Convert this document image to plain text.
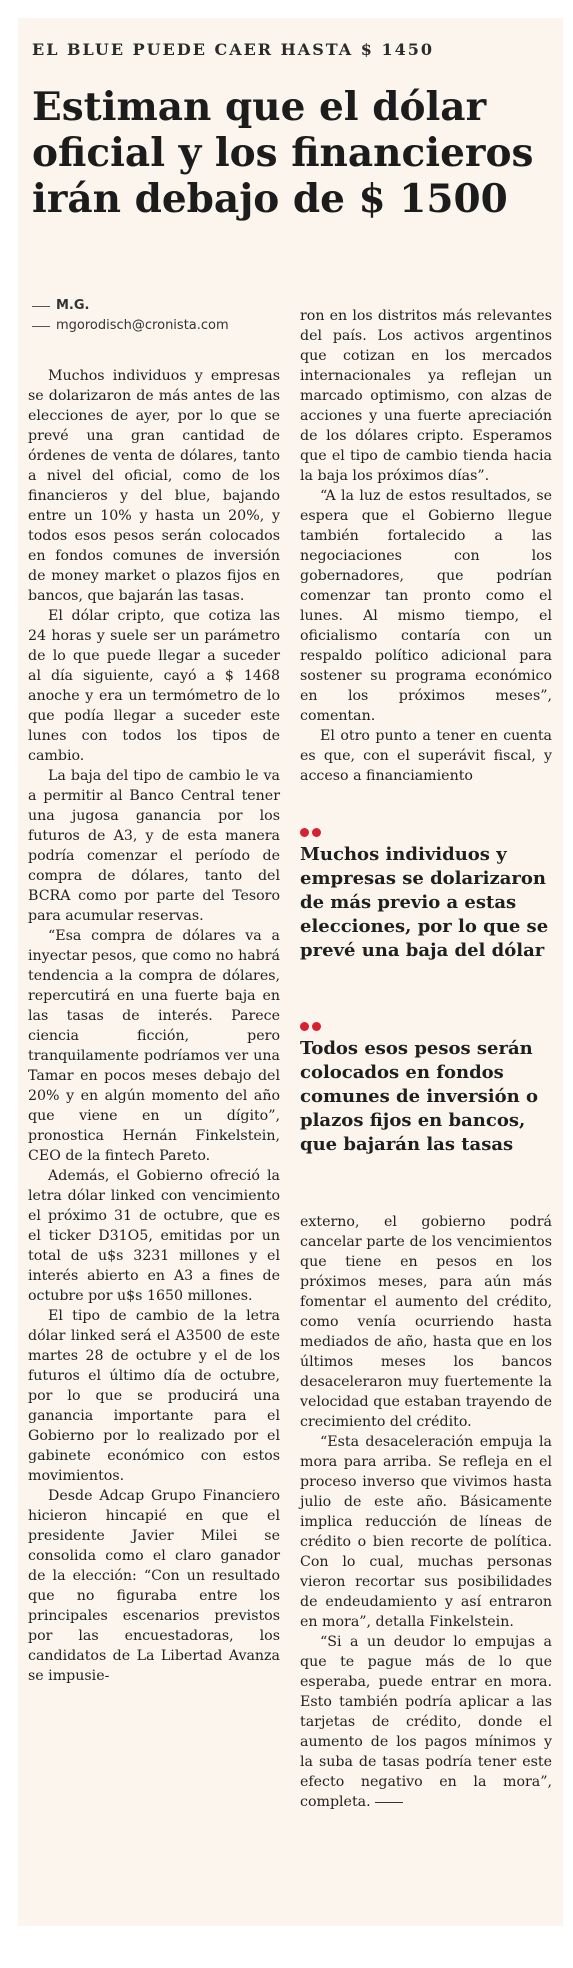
EL BLUE PUEDE CAER HASTA $ 1450
Estiman que el dólar oficial y los financieros irán debajo de $ 1500
M.G.
mgorodisch@cronista.com

Muchos individuos y empresas se dolarizaron de más antes de las elecciones de ayer, por lo que se prevé una gran cantidad de órdenes de venta de dólares, tanto a nivel del oficial, como de los financieros y del blue, bajando entre un 10% y hasta un 20%, y todos esos pesos serán colocados en fondos comunes de inversión de money market o plazos fijos en bancos, que bajarán las tasas.

El dólar cripto, que cotiza las 24 horas y suele ser un parámetro de lo que puede llegar a suceder al día siguiente, cayó a $ 1468 anoche y era un termómetro de lo que podía llegar a suceder este lunes con todos los tipos de cambio.

La baja del tipo de cambio le va a permitir al Banco Central tener una jugosa ganancia por los futuros de A3, y de esta manera podría comenzar el período de compra de dólares, tanto del BCRA como por parte del Tesoro para acumular reservas.

“Esa compra de dólares va a inyectar pesos, que como no habrá tendencia a la compra de dólares, repercutirá en una fuerte baja en las tasas de interés. Parece ciencia ficción, pero tranquilamente podríamos ver una Tamar en pocos meses debajo del 20% y en algún momento del año que viene en un dígito”, pronostica Hernán Finkelstein, CEO de la fintech Pareto.

Además, el Gobierno ofreció la letra dólar linked con vencimiento el próximo 31 de octubre, que es el ticker D31O5, emitidas por un total de u$s 3231 millones y el interés abierto en A3 a fines de octubre por u$s 1650 millones.

El tipo de cambio de la letra dólar linked será el A3500 de este martes 28 de octubre y el de los futuros el último día de octubre, por lo que se producirá una ganancia importante para el Gobierno por lo realizado por el gabinete económico con estos movimientos.

Desde Adcap Grupo Financiero hicieron hincapié en que el presidente Javier Milei se consolida como el claro ganador de la elección: “Con un resultado que no figuraba entre los principales escenarios previstos por las encuestadoras, los candidatos de La Libertad Avanza se impusie-

ron en los distritos más relevantes del país. Los activos argentinos que cotizan en los mercados internacionales ya reflejan un marcado optimismo, con alzas de acciones y una fuerte apreciación de los dólares cripto. Esperamos que el tipo de cambio tienda hacia la baja los próximos días”.

“A la luz de estos resultados, se espera que el Gobierno llegue también fortalecido a las negociaciones con los gobernadores, que podrían comenzar tan pronto como el lunes. Al mismo tiempo, el oficialismo contaría con un respaldo político adicional para sostener su programa económico en los próximos meses”, comentan.

El otro punto a tener en cuenta es que, con el superávit fiscal, y acceso a financiamiento

Muchos individuos y empresas se dolarizaron de más previo a estas elecciones, por lo que se prevé una baja del dólar
Todos esos pesos serán colocados en fondos comunes de inversión o plazos fijos en bancos, que bajarán las tasas

externo, el gobierno podrá cancelar parte de los vencimientos que tiene en pesos en los próximos meses, para aún más fomentar el aumento del crédito, como venía ocurriendo hasta mediados de año, hasta que en los últimos meses los bancos desaceleraron muy fuertemente la velocidad que estaban trayendo de crecimiento del crédito.

“Esta desaceleración empuja la mora para arriba. Se refleja en el proceso inverso que vivimos hasta julio de este año. Básicamente implica reducción de líneas de crédito o bien recorte de política. Con lo cual, muchas personas vieron recortar sus posibilidades de endeudamiento y así entraron en mora”, detalla Finkelstein.

“Si a un deudor lo empujas a que te pague más de lo que esperaba, puede entrar en mora. Esto también podría aplicar a las tarjetas de crédito, donde el aumento de los pagos mínimos y la suba de tasas podría tener este efecto negativo en la mora”, completa.
